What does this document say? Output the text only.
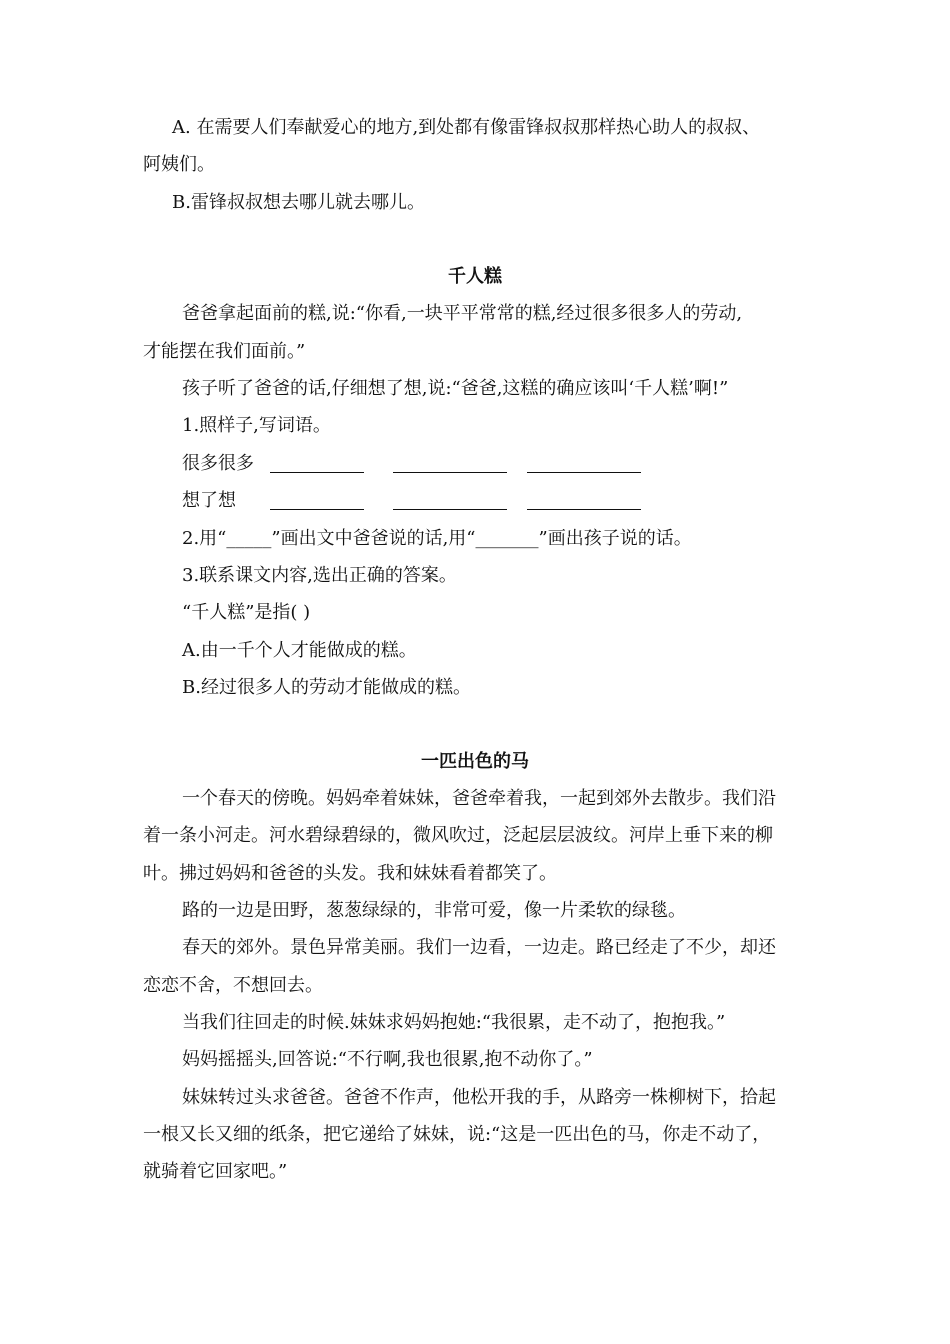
A. 在需要人们奉献爱心的地方,到处都有像雷锋叔叔那样热心助人的叔叔、
阿姨们。
B.雷锋叔叔想去哪儿就去哪儿。
千人糕
爸爸拿起面前的糕,说:“你看,一块平平常常的糕,经过很多很多人的劳动,
才能摆在我们面前。”
孩子听了爸爸的话,仔细想了想,说:“爸爸,这糕的确应该叫‘千人糕’啊!”
1.照样子,写词语。
很多很多
想了想
2.用“_____”画出文中爸爸说的话,用“_______”画出孩子说的话。
3.联系课文内容,选出正确的答案。
“千人糕”是指( )
A.由一千个人才能做成的糕。
B.经过很多人的劳动才能做成的糕。
一匹出色的马
一个春天的傍晚。妈妈牵着妹妹，爸爸牵着我，一起到郊外去散步。我们沿
着一条小河走。河水碧绿碧绿的，微风吹过，泛起层层波纹。河岸上垂下来的柳
叶。拂过妈妈和爸爸的头发。我和妹妹看着都笑了。
路的一边是田野，葱葱绿绿的，非常可爱，像一片柔软的绿毯。
春天的郊外。景色异常美丽。我们一边看，一边走。路已经走了不少，却还
恋恋不舍，不想回去。
当我们往回走的时候.妹妹求妈妈抱她:“我很累，走不动了，抱抱我。”
妈妈摇摇头,回答说:“不行啊,我也很累,抱不动你了。”
妹妹转过头求爸爸。爸爸不作声，他松开我的手，从路旁一株柳树下，拾起
一根又长又细的纸条，把它递给了妹妹，说:“这是一匹出色的马，你走不动了，
就骑着它回家吧。”
